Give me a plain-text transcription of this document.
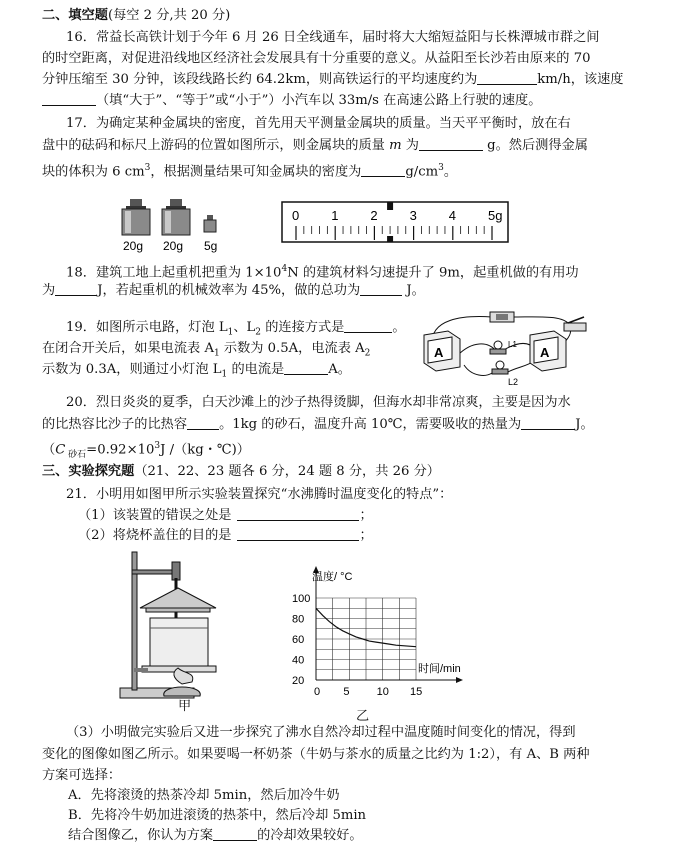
二、填空题(每空 2 分,共 20 分)
16．常益长高铁计划于今年 6 月 26 日全线通车，届时将大大缩短益阳与长株潭城市群之间
的时空距离，对促进沿线地区经济社会发展具有十分重要的意义。从益阳至长沙若由原来的 70
分钟压缩至 30 分钟，该段线路长约 64.2km，则高铁运行的平均速度约为	km/h，该速度
（填“大于”、“等于”或“小于”）小汽车以 33m/s 在高速公路上行驶的速度。
17．为确定某种金属块的密度，首先用天平测量金属块的质量。当天平平衡时，放在右
盘中的砝码和标尺上游码的位置如图所示，则金属块的质量 m 为	g。然后测得金属
块的体积为 6 $cm^3$，根据测量结果可知金属块的密度为	$g/cm^3$。
20g 20g 5g
0 1 2 3 4 5g
18．建筑工地上起重机把重为 $1\times 10^4N$ 的建筑材料匀速提升了 9m，起重机做的有用功
为	J，若起重机的机械效率为 45%，做的总功为	J。
19．如图所示电路，灯泡 $L_1$、$L_2$ 的连接方式是	。
在闭合开关后，如果电流表 $A_1$ 示数为 0.5A，电流表 $A_2$
示数为 0.3A，则通过小灯泡 $L_1$ 的电流是	A。
A	A
L1
L2
20．烈日炎炎的夏季，白天沙滩上的沙子热得烫脚，但海水却非常凉爽，主要是因为水
的比热容比沙子的比热容 。1kg 的砂石，温度升高 10℃，需要吸收的热量为	J。
（C $_{砂石}=0.92\times 10^3J$ /（kg・℃)）
三、实验探究题（21、22、23 题各 6 分，24 题 8 分，共 26 分）
21．小明用如图甲所示实验装置探究“水沸腾时温度变化的特点”：
（1）该装置的错误之处是	；
（2）将烧杯盖住的目的是	；
甲
20
40
60
80
100
0 5 10 15
温度/ °C
时间/min
乙
（3）小明做完实验后又进一步探究了沸水自然冷却过程中温度随时间变化的情况，得到
变化的图像如图乙所示。如果要喝一杯奶茶（牛奶与茶水的质量之比约为 1:2），有 A、B 两种
方案可选择：
A．先将滚烫的热茶冷却 5min，然后加冷牛奶
B．先将冷牛奶加进滚烫的热茶中，然后冷却 5min
结合图像乙，你认为方案	的冷却效果较好。
